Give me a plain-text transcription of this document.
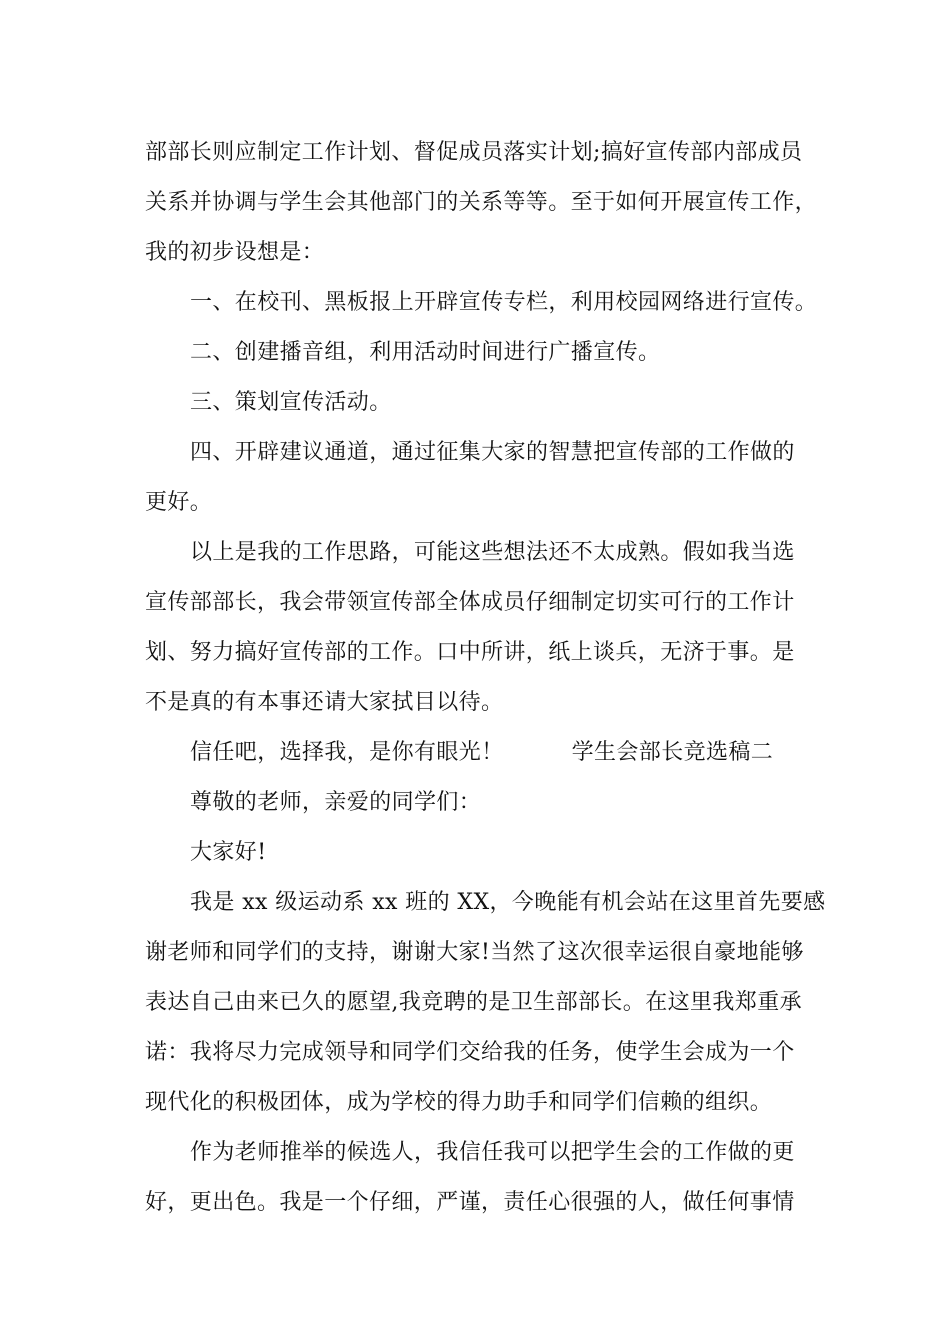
部部长则应制定工作计划、督促成员落实计划;搞好宣传部内部成员
关系并协调与学生会其他部门的关系等等。至于如何开展宣传工作，
我的初步设想是：
一、在校刊、黑板报上开辟宣传专栏，利用校园网络进行宣传。
二、创建播音组，利用活动时间进行广播宣传。
三、策划宣传活动。
四、开辟建议通道，通过征集大家的智慧把宣传部的工作做的
更好。
以上是我的工作思路，可能这些想法还不太成熟。假如我当选
宣传部部长，我会带领宣传部全体成员仔细制定切实可行的工作计
划、努力搞好宣传部的工作。口中所讲，纸上谈兵，无济于事。是
不是真的有本事还请大家拭目以待。
信任吧，选择我，是你有眼光！	学生会部长竞选稿二
尊敬的老师，亲爱的同学们：
大家好!
我是 xx 级运动系 xx 班的 XX，今晚能有机会站在这里首先要感
谢老师和同学们的支持，谢谢大家!当然了这次很幸运很自豪地能够
表达自己由来已久的愿望,我竞聘的是卫生部部长。在这里我郑重承
诺：我将尽力完成领导和同学们交给我的任务，使学生会成为一个
现代化的积极团体，成为学校的得力助手和同学们信赖的组织。
作为老师推举的候选人，我信任我可以把学生会的工作做的更
好，更出色。我是一个仔细，严谨，责任心很强的人，做任何事情
